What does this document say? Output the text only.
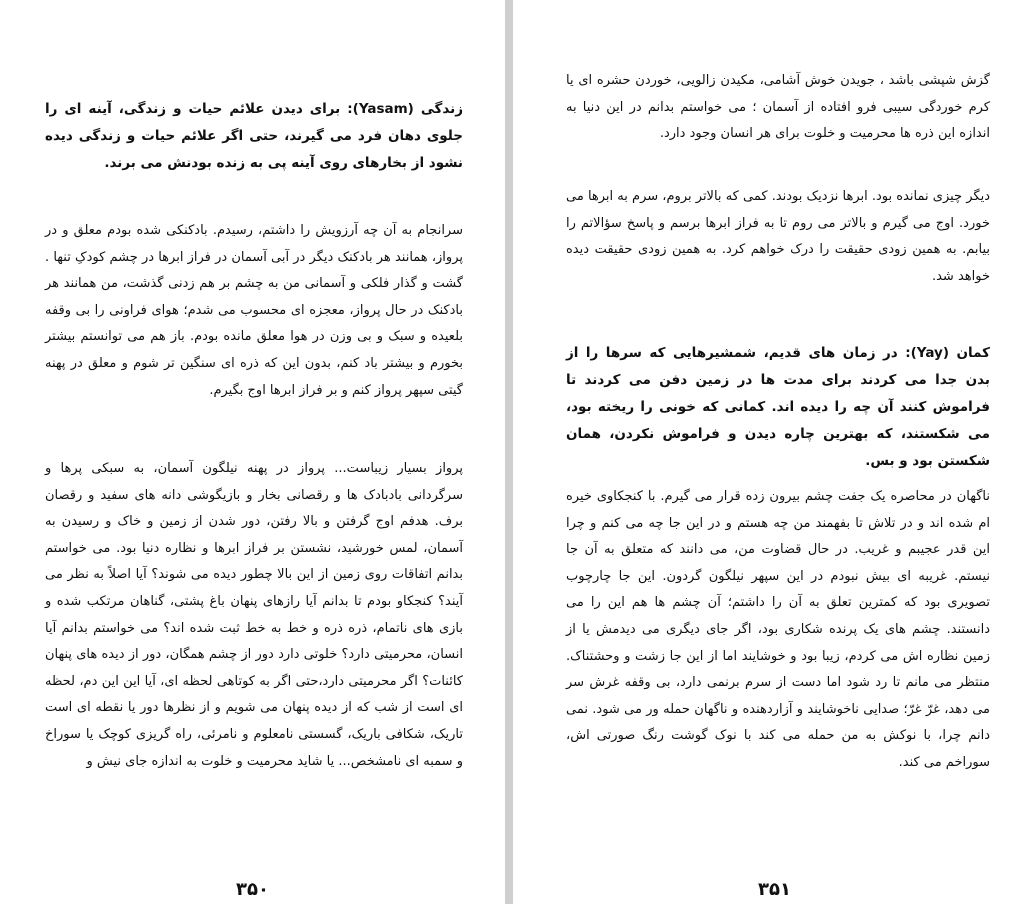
زندگی (Yasam): برای دیدن علائم حیات و زندگی، آینه ای را جلوی دهان فرد می گیرند، حتی اگر علائم حیات و زندگی دیده نشود از بخارهای روی آینه پی به زنده بودنش می برند.

سرانجام به آن چه آرزویش را داشتم، رسیدم. بادکنکی شده بودم معلق و در پرواز، همانند هر بادکنک دیگر در آبی آسمان در فراز ابرها در چشم کودکِ تنها . گشت و گذار فلکی و آسمانی من به چشم بر هم زدنی گذشت، من همانند هر بادکنک در حال پرواز، معجزه ای محسوب می شدم؛ هوای فراونی را بی وقفه بلعیده و سبک و بی وزن در هوا معلق مانده بودم. باز هم می توانستم بیشتر بخورم و بیشتر باد کنم، بدون این که ذره ای سنگین تر شوم و معلق در پهنه گیتی سپهر پرواز کنم و بر فراز ابرها اوج بگیرم.

پرواز بسیار زیباست... پرواز در پهنه نیلگون آسمان، به سبکی پرها و سرگردانی بادبادک ها و رقصانی بخار و بازیگوشی دانه های سفید و رقصان برف. هدفم اوج گرفتن و بالا رفتن، دور شدن از زمین و خاک و رسیدن به آسمان، لمس خورشید، نشستن بر فراز ابرها و نظاره دنیا بود. می خواستم بدانم اتفاقات روی زمین از این بالا چطور دیده می شوند؟ آیا اصلاً به نظر می آیند؟ کنجکاو بودم تا بدانم آیا رازهای پنهان باغ پشتی، گناهان مرتکب شده و بازی های ناتمام، ذره ذره و خط به خط ثبت شده اند؟ می خواستم بدانم آیا انسان، محرمیتی دارد؟ خلوتی دارد دور از چشم همگان، دور از دیده های پنهان کائنات؟ اگر محرمیتی دارد،حتی اگر به کوتاهی لحظه ای، آیا این این دم، لحظه ای است از شب که از دیده پنهان می شویم و از نظرها دور یا نقطه ای است تاریک، شکافی باریک، گسستی نامعلوم و نامرئی، راه گریزی کوچک یا سوراخ و سمبه ای نامشخص... یا شاید محرمیت و خلوت به اندازه جای نیش و

۳۵۰

گزش شپشی باشد ، جویدن خوش آشامی، مکیدن زالویی، خوردن حشره ای یا کرم خوردگی سیبی فرو افتاده از آسمان ؛ می خواستم بدانم در این دنیا به اندازه این ذره ها محرمیت و خلوت برای هر انسان وجود دارد.

دیگر چیزی نمانده بود. ابرها نزدیک بودند. کمی که بالاتر بروم، سرم به ابرها می خورد. اوج می گیرم و بالاتر می روم تا به فراز ابرها برسم و پاسخ سؤالاتم را بیابم. به همین زودی حقیقت را درک خواهم کرد. به همین زودی حقیقت دیده خواهد شد.

کمان (Yay): در زمان های قدیم، شمشیرهایی که سرها را از بدن جدا می کردند برای مدت ها در زمین دفن می کردند تا فراموش کنند آن چه را دیده اند. کمانی که خونی را ریخته بود، می شکستند، که بهترین چاره دیدن و فراموش نکردن، همان شکستن بود و بس.

ناگهان در محاصره یک جفت چشم بیرون زده قرار می گیرم. با کنجکاوی خیره ام شده اند و در تلاش تا بفهمند من چه هستم و در این جا چه می کنم و چرا این قدر عجیبم و غریب. در حال قضاوت من، می دانند که متعلق به آن جا نیستم. غریبه ای بیش نبودم در این سپهر نیلگون گردون. این جا چارچوب تصویری بود که کمترین تعلق به آن را داشتم؛ آن چشم ها هم این را می دانستند. چشم های یک پرنده شکاری بود، اگر جای دیگری می دیدمش یا از زمین نظاره اش می کردم، زیبا بود و خوشایند اما از این جا زشت و وحشتناک. منتظر می مانم تا رد شود اما دست از سرم برنمی دارد، بی وقفه غرش سر می دهد، غرّ غرّ؛ صدایی ناخوشایند و آزاردهنده و ناگهان حمله ور می شود. نمی دانم چرا، با نوکش به من حمله می کند با نوک گوشت رنگ صورتی اش، سوراخم می کند.

۳۵۱
